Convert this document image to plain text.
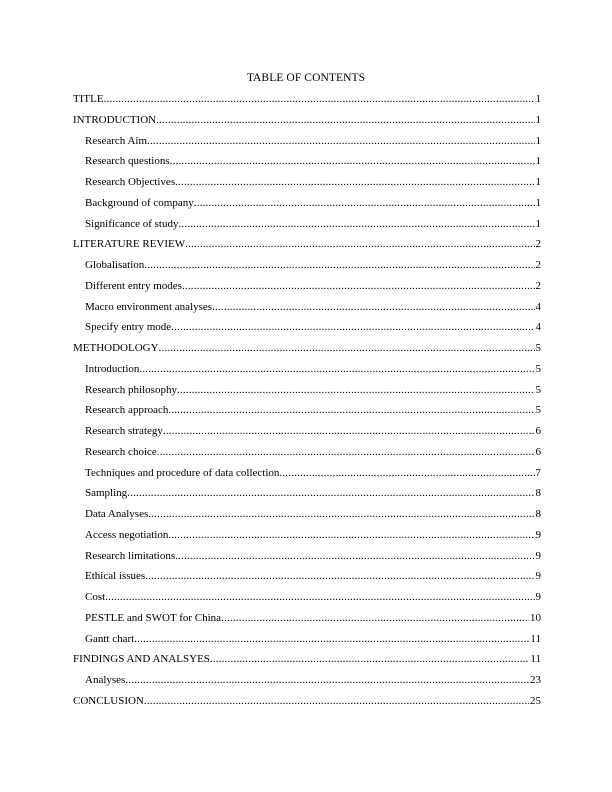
TABLE OF CONTENTS
TITLE .....	1
INTRODUCTION .....	1
Research Aim .....	1
Research questions .....	1
Research Objectives .....	1
Background of company .....	1
Significance of study .....	1
LITERATURE REVIEW .....	2
Globalisation .....	2
Different entry modes .....	2
Macro environment analyses .....	4
Specify entry mode .....	4
METHODOLOGY .....	5
Introduction .....	5
Research philosophy .....	5
Research approach .....	5
Research strategy .....	6
Research choice .....	6
Techniques and procedure of data collection .....	7
Sampling .....	8
Data Analyses .....	8
Access negotiation .....	9
Research limitations .....	9
Ethical issues .....	9
Cost .....	9
PESTLE and SWOT for China .....	10
Gantt chart .....	11
FINDINGS AND ANALSYES .....	11
Analyses .....	23
CONCLUSION .....	25
